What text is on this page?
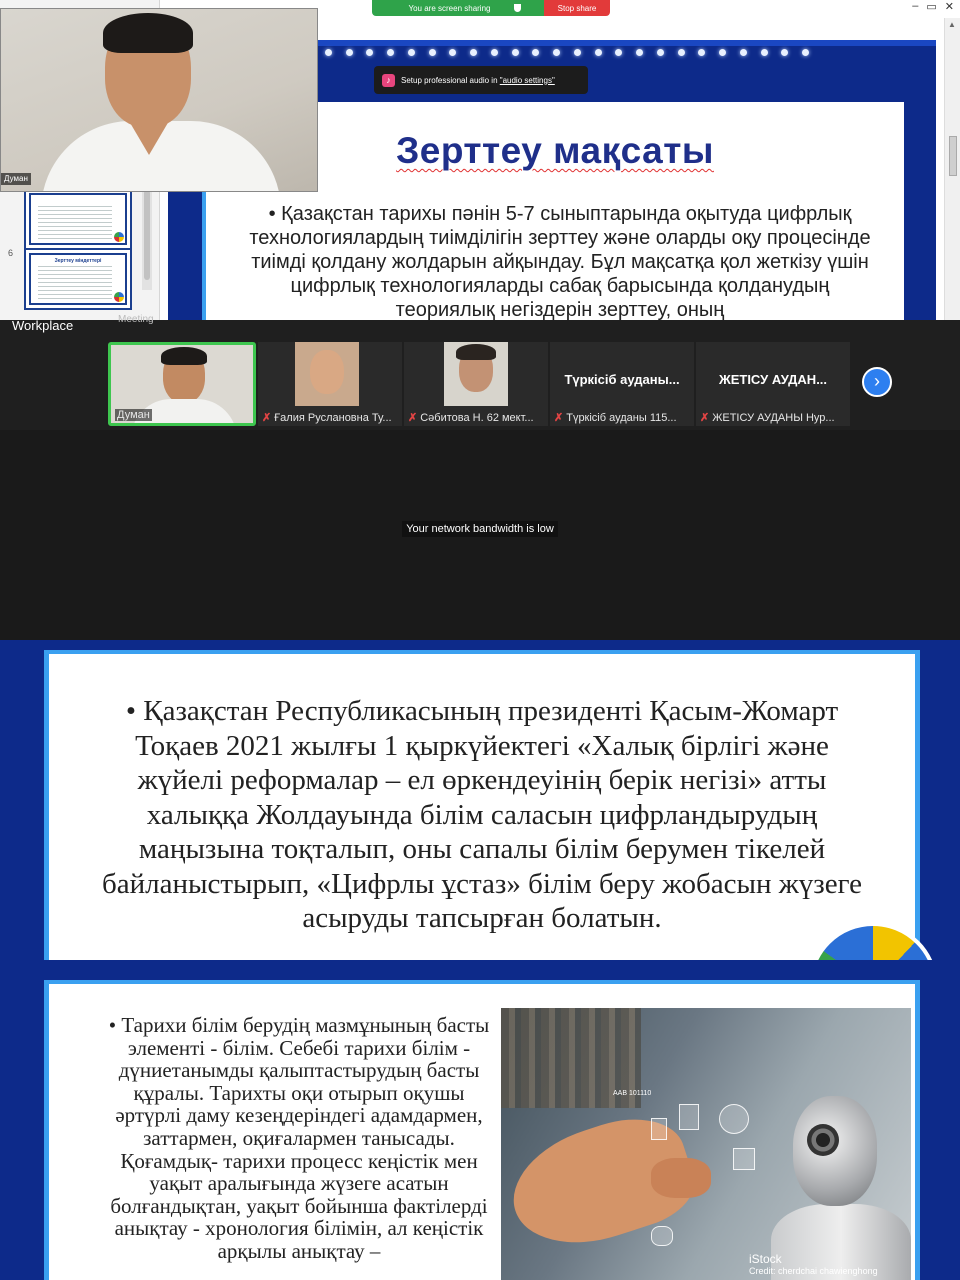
6
Зерттеу міндеттері
Зерттеу мақсаты
• Қазақстан тарихы пәнін 5-7 сыныптарында оқытуда цифрлық технологиялардың тиімділігін зерттеу және оларды оқу процесінде тиімді қолдану жолдарын айқындау. Бұл мақсатқа қол жеткізу үшін цифрлық технологияларды сабақ барысында қолданудың теориялық негіздерін зерттеу, оның
▲
– ▭ ✕
You are screen sharing	Stop share
♪	Setup professional audio in "audio settings"
Думан
Workplace	Meeting
Думан	✗ Ғалия Руслановна Ту... ✗ Сәбитова Н. 62 мект...
Түркісіб ауданы...
✗ Түркісіб ауданы 115...
ЖЕТІСУ АУДАН...
✗ ЖЕТІСУ АУДАНЫ Нур...
›
Your network bandwidth is low
• Қазақстан Республикасының президенті Қасым-Жомарт Тоқаев 2021 жылғы 1 қыркүйектегі «Халық бірлігі және жүйелі реформалар – ел өркендеуінің берік негізі» атты халыққа Жолдауында білім саласын цифрландырудың маңызына тоқталып, оны сапалы білім берумен тікелей байланыстырып, «Цифрлы ұстаз» білім беру жобасын жүзеге асыруды тапсырған болатын.
• Тарихи білім берудің мазмұнының басты элементі - білім. Себебі тарихи білім - дүниетанымды қалыптастырудың басты құралы. Тарихты оқи отырып оқушы әртүрлі даму кезеңдеріндегі адамдармен, заттармен, оқиғалармен танысады. Қоғамдық- тарихи процесс кеңістік мен уақыт аралығында жүзеге асатын болғандықтан, уақыт бойынша фактілерді анықтау - хронология білімін, ал кеңістік арқылы анықтау –
AAB 101110
iStock
Credit: cherdchai chawienghong
